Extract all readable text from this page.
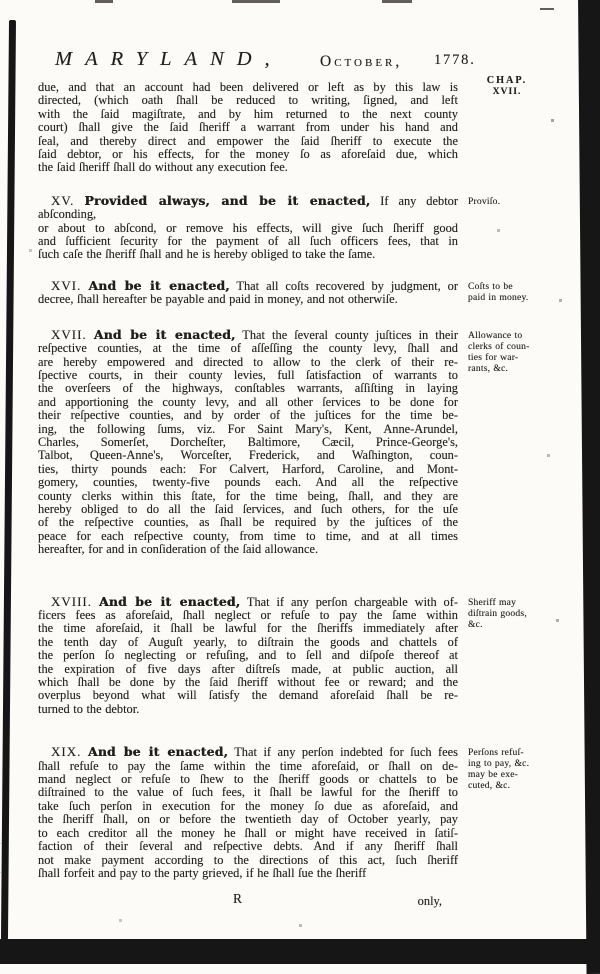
MARYLAND, October, 1778.
CHAP.
XVII.
due, and that an account had been delivered or left as by this law is
directed, (which oath ſhall be reduced to writing, ſigned, and left
with the ſaid magiſtrate, and by him returned to the next county
court) ſhall give the ſaid ſheriff a warrant from under his hand and
ſeal, and thereby direct and empower the ſaid ſheriff to execute the
ſaid debtor, or his effects, for the money ſo as aforeſaid due, which
the ſaid ſheriff ſhall do without any execution fee.
XV. Provided always, and be it enacted, If any debtor abſconding,
or about to abſcond, or remove his effects, will give ſuch ſheriff good
and ſufficient ſecurity for the payment of all ſuch officers fees, that in
ſuch caſe the ſheriff ſhall and he is hereby obliged to take the ſame.
Proviſo.
XVI. And be it enacted, That all coſts recovered by judgment, or
decree, ſhall hereafter be payable and paid in money, and not otherwiſe.
Coſts to be
paid in money.
XVII. And be it enacted, That the ſeveral county juſtices in their
reſpective counties, at the time of aſſeſſing the county levy, ſhall and
are hereby empowered and directed to allow to the clerk of their re-
ſpective courts, in their county levies, full ſatisfaction of warrants to
the overſeers of the highways, conſtables warrants, aſſiſting in laying
and apportioning the county levy, and all other ſervices to be done for
their reſpective counties, and by order of the juſtices for the time be-
ing, the following ſums, viz. For Saint Mary's, Kent, Anne-Arundel,
Charles, Somerſet, Dorcheſter, Baltimore, Cæcil, Prince-George's,
Talbot, Queen-Anne's, Worceſter, Frederick, and Waſhington, coun-
ties, thirty pounds each: For Calvert, Harford, Caroline, and Mont-
gomery, counties, twenty-five pounds each. And all the reſpective
county clerks within this ſtate, for the time being, ſhall, and they are
hereby obliged to do all the ſaid ſervices, and ſuch others, for the uſe
of the reſpective counties, as ſhall be required by the juſtices of the
peace for each reſpective county, from time to time, and at all times
hereafter, for and in conſideration of the ſaid allowance.
Allowance to
clerks of coun-
ties for war-
rants, &c.
XVIII. And be it enacted, That if any perſon chargeable with of-
ficers fees as aforeſaid, ſhall neglect or refuſe to pay the ſame within
the time aforeſaid, it ſhall be lawful for the ſheriffs immediately after
the tenth day of Auguſt yearly, to diſtrain the goods and chattels of
the perſon ſo neglecting or refuſing, and to ſell and diſpoſe thereof at
the expiration of five days after diſtreſs made, at public auction, all
which ſhall be done by the ſaid ſheriff without fee or reward; and the
overplus beyond what will ſatisfy the demand aforeſaid ſhall be re-
turned to the debtor.
Sheriff may
diſtrain goods,
&c.
XIX. And be it enacted, That if any perſon indebted for ſuch fees
ſhall refuſe to pay the ſame within the time aforeſaid, or ſhall on de-
mand neglect or refuſe to ſhew to the ſheriff goods or chattels to be
diſtrained to the value of ſuch fees, it ſhall be lawful for the ſheriff to
take ſuch perſon in execution for the money ſo due as aforeſaid, and
the ſheriff ſhall, on or before the twentieth day of October yearly, pay
to each creditor all the money he ſhall or might have received in ſatiſ-
faction of their ſeveral and reſpective debts. And if any ſheriff ſhall
not make payment according to the directions of this act, ſuch ſheriff
ſhall forfeit and pay to the party grieved, if he ſhall ſue the ſheriff
Perſons refuſ-
ing to pay, &c.
may be exe-
cuted, &c.
R	only,
